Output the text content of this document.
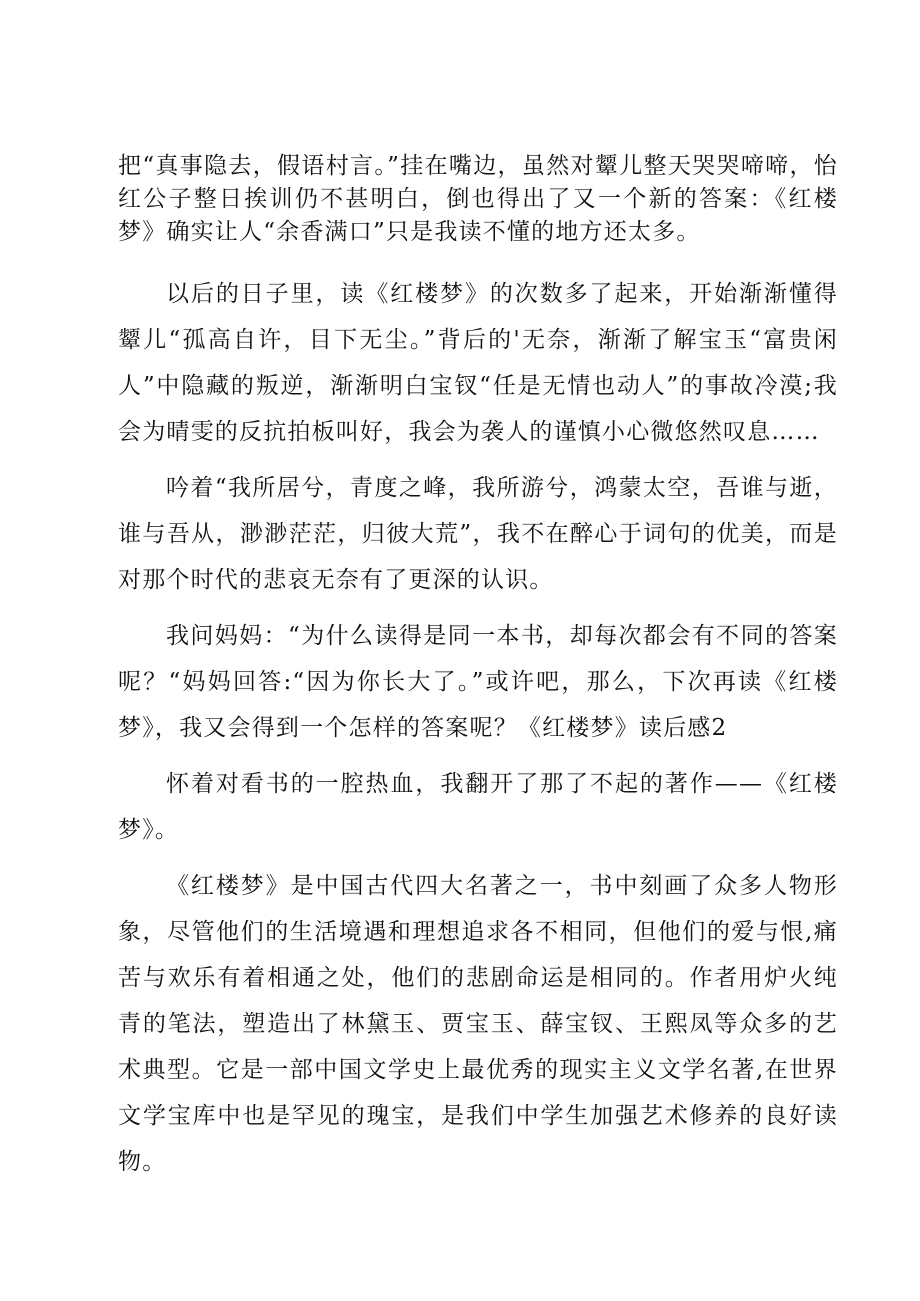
把“真事隐去，假语村言。”挂在嘴边，虽然对颦儿整天哭哭啼啼，怡红公子整日挨训仍不甚明白，倒也得出了又一个新的答案：《红楼梦》确实让人“余香满口”只是我读不懂的地方还太多。

以后的日子里，读《红楼梦》的次数多了起来，开始渐渐懂得颦儿“孤高自许，目下无尘。”背后的'无奈，渐渐了解宝玉“富贵闲人”中隐藏的叛逆，渐渐明白宝钗“任是无情也动人”的事故冷漠;我会为晴雯的反抗拍板叫好，我会为袭人的谨慎小心微悠然叹息……

吟着“我所居兮，青度之峰，我所游兮，鸿蒙太空，吾谁与逝，谁与吾从，渺渺茫茫，归彼大荒”，我不在醉心于词句的优美，而是对那个时代的悲哀无奈有了更深的认识。

我问妈妈：“为什么读得是同一本书，却每次都会有不同的答案呢？“妈妈回答:“因为你长大了。”或许吧，那么，下次再读《红楼梦》，我又会得到一个怎样的答案呢？《红楼梦》读后感2

怀着对看书的一腔热血，我翻开了那了不起的著作——《红楼梦》。

《红楼梦》是中国古代四大名著之一，书中刻画了众多人物形象，尽管他们的生活境遇和理想追求各不相同，但他们的爱与恨,痛苦与欢乐有着相通之处，他们的悲剧命运是相同的。作者用炉火纯青的笔法，塑造出了林黛玉、贾宝玉、薛宝钗、王熙凤等众多的艺术典型。它是一部中国文学史上最优秀的现实主义文学名著,在世界文学宝库中也是罕见的瑰宝，是我们中学生加强艺术修养的良好读物。
